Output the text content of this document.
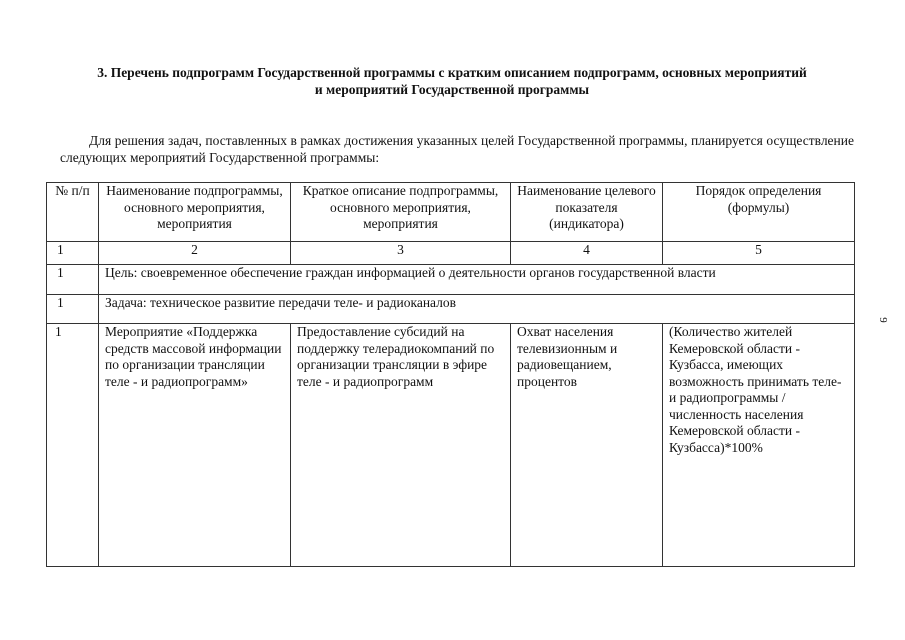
3. Перечень подпрограмм Государственной программы с кратким описанием подпрограмм, основных мероприятий
и мероприятий Государственной программы
Для решения задач, поставленных в рамках достижения указанных целей Государственной программы, планируется осуществление следующих мероприятий Государственной программы:
№ п/п	Наименование подпрограммы, основного мероприятия, мероприятия	Краткое описание подпрограммы, основного мероприятия, мероприятия	Наименование целевого показателя (индикатора)	Порядок определения (формулы)
1	2	3	4	5
1	Цель: своевременное обеспечение граждан информацией о деятельности органов государственной власти			
1	Задача: техническое развитие передачи теле- и радиоканалов			
1	Мероприятие «Поддержка средств массовой информации по организации трансляции теле - и радиопрограмм»	Предоставление субсидий на поддержку телерадиокомпаний по организации трансляции в эфире теле - и радиопрограмм	Охват населения телевизионным и радиовещанием, процентов	(Количество жителей Кемеровской области - Кузбасса, имеющих возможность принимать теле- и радиопрограммы / численность населения Кемеровской области - Кузбасса)*100%
9
